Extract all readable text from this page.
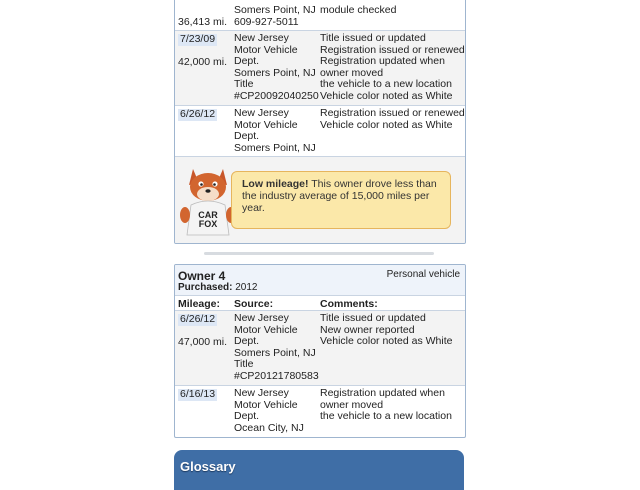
36,413 mi.
Somers Point, NJ
609-927-5011
module checked
7/23/09
42,000 mi.
New Jersey
Motor Vehicle
Dept.
Somers Point, NJ
Title
#CP20092040250
Title issued or updated
Registration issued or renewed
Registration updated when
owner moved
the vehicle to a new location
Vehicle color noted as White
6/26/12 New Jersey
Motor Vehicle
Dept.
Somers Point, NJ
Registration issued or renewed
Vehicle color noted as White
CAR
FOX
Low mileage! This owner drove less than the industry average of 15,000 miles per year.
Owner 4
Purchased: 2012
Personal vehicle
Mileage: Source:	Comments:
6/26/12
47,000 mi.
New Jersey
Motor Vehicle
Dept.
Somers Point, NJ
Title
#CP20121780583
Title issued or updated
New owner reported
Vehicle color noted as White
6/16/13 New Jersey
Motor Vehicle
Dept.
Ocean City, NJ
Registration updated when
owner moved
the vehicle to a new location
Glossary
